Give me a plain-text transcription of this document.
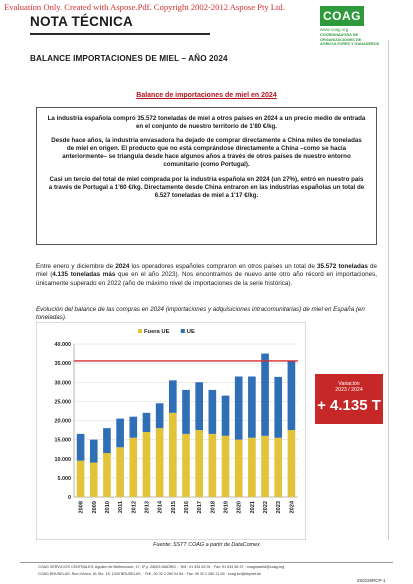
Evaluation Only. Created with Aspose.Pdf. Copyright 2002-2012 Aspose Pty Ltd.
NOTA TÉCNICA	COAG
www.coag.org
COORDINADORA DE ORGANIZACIONES DE AGRICULTORES Y GANADEROS
BALANCE IMPORTACIONES DE MIEL – AÑO 2024
Balance de importaciones de miel en 2024

La industria española compró 35.572 toneladas de miel a otros países en 2024 a un precio medio de entrada en el conjunto de nuestro territorio de 1'80 €/kg.

Desde hace años, la industria envasadora ha dejado de comprar directamente a China miles de toneladas de miel en origen. El producto que no está comprándose directamente a China –como se hacía anteriormente– se triangula desde hace algunos años a través de otros países de nuestro entorno comunitario (como Portugal).

Casi un tercio del total de miel comprada por la industria española en 2024 (un 27%), entró en nuestro país a través de Portugal a 1'60 €/kg. Directamente desde China entraron en las industrias españolas un total de 6.527 toneladas de miel a 1'17 €/kg.

Entre enero y diciembre de 2024 los operadores españoles compraron en otros países un total de 35.572 toneladas de miel (4.135 toneladas más que en el año 2023). Nos encontramos de nuevo ante otro año récord en importaciones, únicamente superado en 2022 (año de máximo nivel de importaciones de la serie histórica).
Evolución del balance de las compras en 2024 (importaciones y adquisiciones intracomunitarias) de miel en España (en toneladas).
0
5.000
10.000
15.000
20.000
25.000
30.000
35.000
40.000
2008 2009 2010 2011 2012 2013 2014 2015 2016 2017 2018 2019 2020 2021 2022 2023 2024
Fuera UE	UE
Variación
2023 / 2024
+ 4.135 T
Fuente: SSTT COAG a partir de DataComex
COAG SERVICIOS CENTRALES: Agustín de Bethencourt, 17, 5º p. 28003 MADRID. · Telf.: 91 534 63 91 · Fax: 91 534 65 37 · coagmadrid@coag.org
COAG BRUSELAS: Rue d'Arlon, 61 Ste. 15. 1040 BRUSELAS. · Telf.: 00 32 2 280 04 84 · Fax: 00 32 2 280 21 69 · coag.bxl@skynet.be
250226RCP-1
